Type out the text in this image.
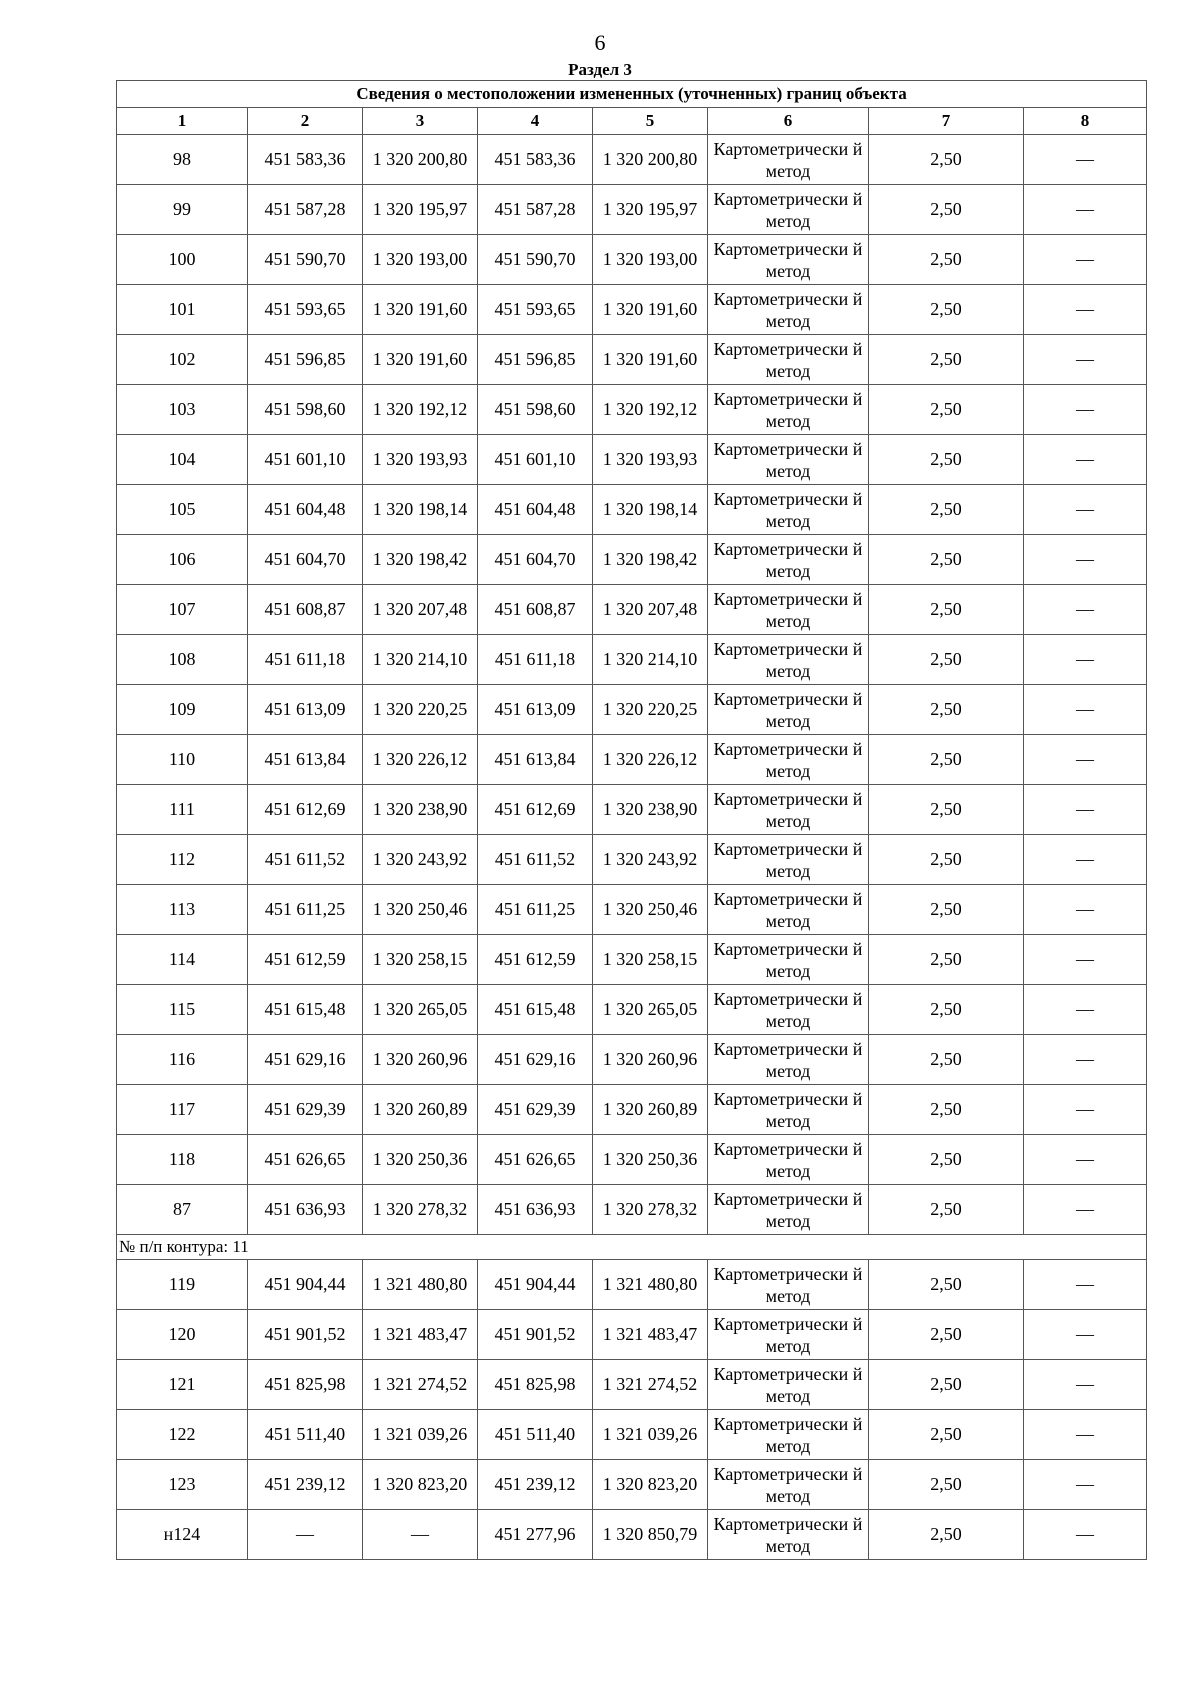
6
Раздел 3
Сведения о местоположении измененных (уточненных) границ объекта							
1	2	3	4	5	6	7	8
98	451 583,36	1 320 200,80	451 583,36	1 320 200,80	Картометрически й метод	2,50	—
99	451 587,28	1 320 195,97	451 587,28	1 320 195,97	Картометрически й метод	2,50	—
100	451 590,70	1 320 193,00	451 590,70	1 320 193,00	Картометрически й метод	2,50	—
101	451 593,65	1 320 191,60	451 593,65	1 320 191,60	Картометрически й метод	2,50	—
102	451 596,85	1 320 191,60	451 596,85	1 320 191,60	Картометрически й метод	2,50	—
103	451 598,60	1 320 192,12	451 598,60	1 320 192,12	Картометрически й метод	2,50	—
104	451 601,10	1 320 193,93	451 601,10	1 320 193,93	Картометрически й метод	2,50	—
105	451 604,48	1 320 198,14	451 604,48	1 320 198,14	Картометрически й метод	2,50	—
106	451 604,70	1 320 198,42	451 604,70	1 320 198,42	Картометрически й метод	2,50	—
107	451 608,87	1 320 207,48	451 608,87	1 320 207,48	Картометрически й метод	2,50	—
108	451 611,18	1 320 214,10	451 611,18	1 320 214,10	Картометрически й метод	2,50	—
109	451 613,09	1 320 220,25	451 613,09	1 320 220,25	Картометрически й метод	2,50	—
110	451 613,84	1 320 226,12	451 613,84	1 320 226,12	Картометрически й метод	2,50	—
111	451 612,69	1 320 238,90	451 612,69	1 320 238,90	Картометрически й метод	2,50	—
112	451 611,52	1 320 243,92	451 611,52	1 320 243,92	Картометрически й метод	2,50	—
113	451 611,25	1 320 250,46	451 611,25	1 320 250,46	Картометрически й метод	2,50	—
114	451 612,59	1 320 258,15	451 612,59	1 320 258,15	Картометрически й метод	2,50	—
115	451 615,48	1 320 265,05	451 615,48	1 320 265,05	Картометрически й метод	2,50	—
116	451 629,16	1 320 260,96	451 629,16	1 320 260,96	Картометрически й метод	2,50	—
117	451 629,39	1 320 260,89	451 629,39	1 320 260,89	Картометрически й метод	2,50	—
118	451 626,65	1 320 250,36	451 626,65	1 320 250,36	Картометрически й метод	2,50	—
87	451 636,93	1 320 278,32	451 636,93	1 320 278,32	Картометрически й метод	2,50	—
№ п/п контура: 11							
119	451 904,44	1 321 480,80	451 904,44	1 321 480,80	Картометрически й метод	2,50	—
120	451 901,52	1 321 483,47	451 901,52	1 321 483,47	Картометрически й метод	2,50	—
121	451 825,98	1 321 274,52	451 825,98	1 321 274,52	Картометрически й метод	2,50	—
122	451 511,40	1 321 039,26	451 511,40	1 321 039,26	Картометрически й метод	2,50	—
123	451 239,12	1 320 823,20	451 239,12	1 320 823,20	Картометрически й метод	2,50	—
н124	—	—	451 277,96	1 320 850,79	Картометрически й метод	2,50	—
